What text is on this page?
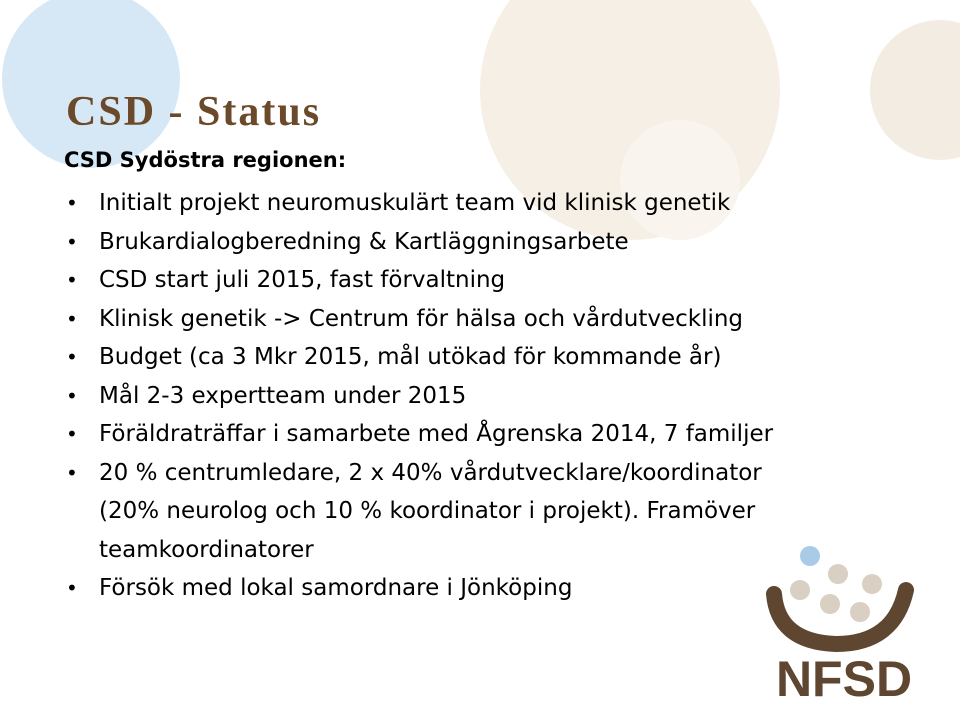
CSD - Status

CSD Sydöstra regionen:

• Initialt projekt neuromuskulärt team vid klinisk genetik
• Brukardialogberedning & Kartläggningsarbete
• CSD start juli 2015, fast förvaltning
• Klinisk genetik -> Centrum för hälsa och vårdutveckling
• Budget (ca 3 Mkr 2015, mål utökad för kommande år)
• Mål 2-3 expertteam under 2015
• Föräldraträffar i samarbete med Ågrenska 2014, 7 familjer
• 20 % centrumledare, 2 x 40% vårdutvecklare/koordinator (20% neurolog och 10 % koordinator i projekt). Framöver teamkoordinatorer
• Försök med lokal samordnare i Jönköping
NFSD
